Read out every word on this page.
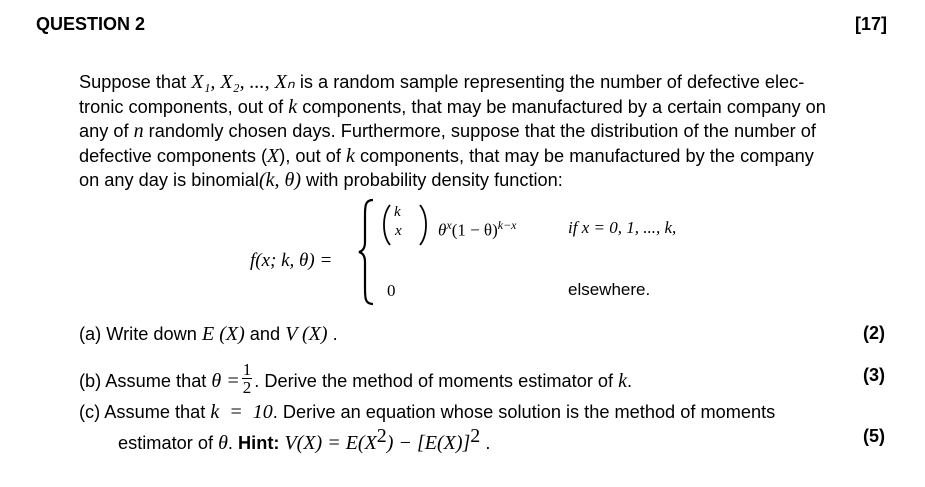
QUESTION 2	[17]
Suppose that X₁, X₂, ..., Xₙ is a random sample representing the number of defective elec-
tronic components, out of k components, that may be manufactured by a certain company on
any of n randomly chosen days. Furthermore, suppose that the distribution of the number of
defective components (X), out of k components, that may be manufactured by the company
on any day is binomial(k, θ) with probability density function:
f(x; k, θ) =
k
x $\theta^x(1 - \theta)^{k-x}$	if x = 0, 1, ..., k,
0	elsewhere.
(a) Write down E (X) and V (X) .	(2)
(b) Assume that $\theta = \frac{1}{2}$ . Derive the method of moments estimator of k.	(3)
(c) Assume that k  =  10. Derive an equation whose solution is the method of moments
estimator of θ. Hint: $V(X) = E(X^2) - [E(X)]^2$ .	(5)
